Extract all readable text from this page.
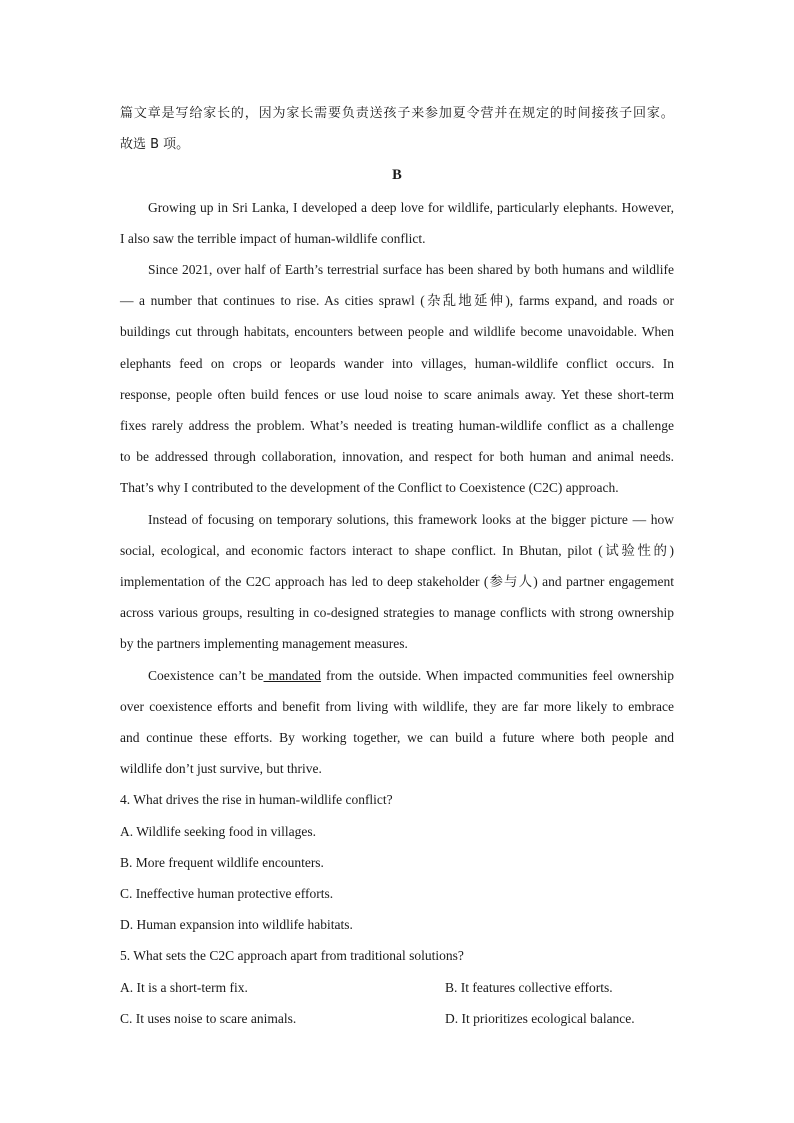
篇文章是写给家长的，因为家长需要负责送孩子来参加夏令营并在规定的时间接孩子回家。

故选 B 项。

B

Growing up in Sri Lanka, I developed a deep love for wildlife, particularly elephants. However,

I also saw the terrible impact of human-wildlife conflict.

Since 2021, over half of Earth’s terrestrial surface has been shared by both humans and wildlife

— a number that continues to rise. As cities sprawl (杂乱地延伸), farms expand, and roads or

buildings cut through habitats, encounters between people and wildlife become unavoidable. When

elephants feed on crops or leopards wander into villages, human-wildlife conflict occurs. In

response, people often build fences or use loud noise to scare animals away. Yet these short-term

fixes rarely address the problem. What’s needed is treating human-wildlife conflict as a challenge

to be addressed through collaboration, innovation, and respect for both human and animal needs.

That’s why I contributed to the development of the Conflict to Coexistence (C2C) approach.

Instead of focusing on temporary solutions, this framework looks at the bigger picture — how

social, ecological, and economic factors interact to shape conflict. In Bhutan, pilot (试验性的)

implementation of the C2C approach has led to deep stakeholder (参与人) and partner engagement

across various groups, resulting in co-designed strategies to manage conflicts with strong ownership

by the partners implementing management measures.

Coexistence can’t be mandated from the outside. When impacted communities feel ownership

over coexistence efforts and benefit from living with wildlife, they are far more likely to embrace

and continue these efforts. By working together, we can build a future where both people and

wildlife don’t just survive, but thrive.

4. What drives the rise in human-wildlife conflict?

A. Wildlife seeking food in villages.

B. More frequent wildlife encounters.

C. Ineffective human protective efforts.

D. Human expansion into wildlife habitats.

5. What sets the C2C approach apart from traditional solutions?

A. It is a short-term fix.	B. It features collective efforts.
C. It uses noise to scare animals.	D. It prioritizes ecological balance.
